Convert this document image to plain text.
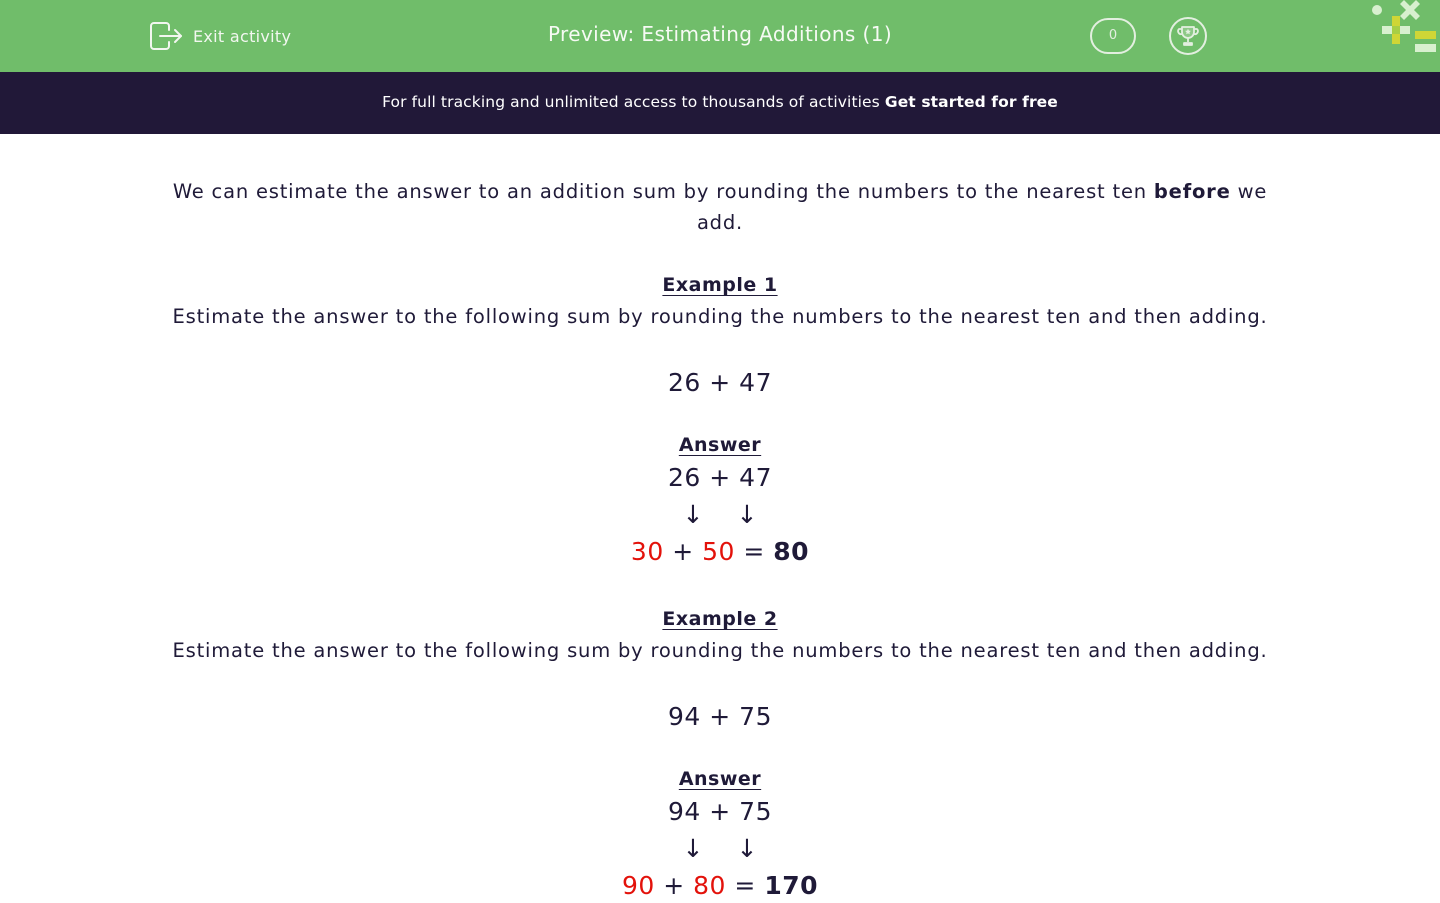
Exit activity	Preview: Estimating Additions (1)	0
For full tracking and unlimited access to thousands of activities Get started for free

We can estimate the answer to an addition sum by rounding the numbers to the nearest ten before we add.

Example 1
Estimate the answer to the following sum by rounding the numbers to the nearest ten and then adding.
26 + 47
Answer
26 + 47
↓ ↓
30 + 50 = 80
Example 2
Estimate the answer to the following sum by rounding the numbers to the nearest ten and then adding.
94 + 75
Answer
94 + 75
↓ ↓
90 + 80 = 170
